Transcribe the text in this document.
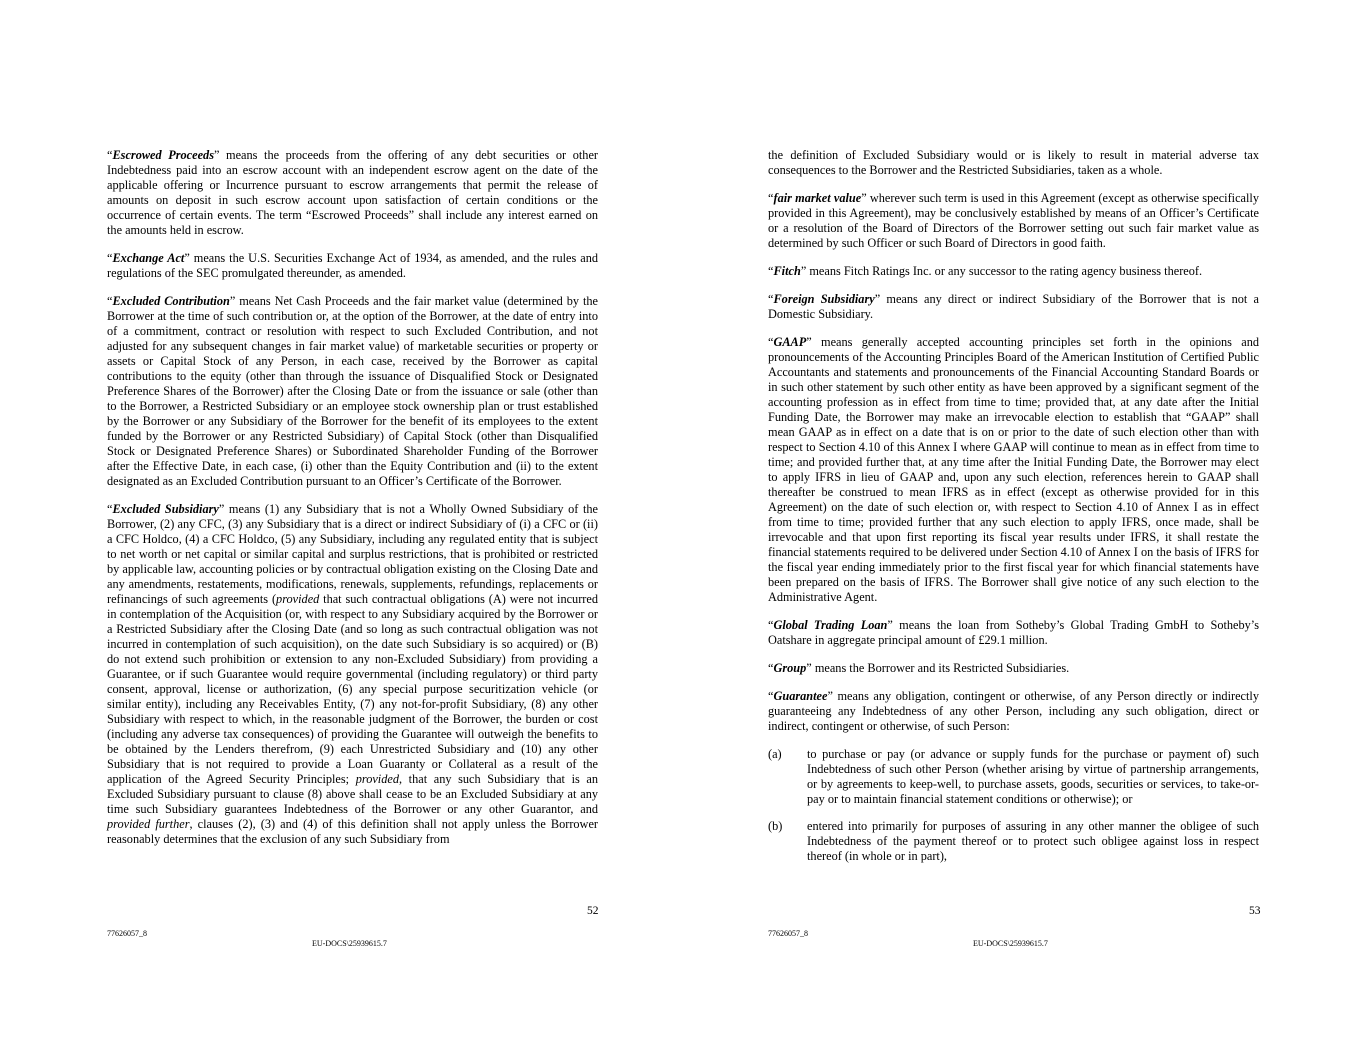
“Escrowed Proceeds” means the proceeds from the offering of any debt securities or other Indebtedness paid into an escrow account with an independent escrow agent on the date of the applicable offering or Incurrence pursuant to escrow arrangements that permit the release of amounts on deposit in such escrow account upon satisfaction of certain conditions or the occurrence of certain events. The term “Escrowed Proceeds” shall include any interest earned on the amounts held in escrow.

“Exchange Act” means the U.S. Securities Exchange Act of 1934, as amended, and the rules and regulations of the SEC promulgated thereunder, as amended.

“Excluded Contribution” means Net Cash Proceeds and the fair market value (determined by the Borrower at the time of such contribution or, at the option of the Borrower, at the date of entry into of a commitment, contract or resolution with respect to such Excluded Contribution, and not adjusted for any subsequent changes in fair market value) of marketable securities or property or assets or Capital Stock of any Person, in each case, received by the Borrower as capital contributions to the equity (other than through the issuance of Disqualified Stock or Designated Preference Shares of the Borrower) after the Closing Date or from the issuance or sale (other than to the Borrower, a Restricted Subsidiary or an employee stock ownership plan or trust established by the Borrower or any Subsidiary of the Borrower for the benefit of its employees to the extent funded by the Borrower or any Restricted Subsidiary) of Capital Stock (other than Disqualified Stock or Designated Preference Shares) or Subordinated Shareholder Funding of the Borrower after the Effective Date, in each case, (i) other than the Equity Contribution and (ii) to the extent designated as an Excluded Contribution pursuant to an Officer’s Certificate of the Borrower.

“Excluded Subsidiary” means (1) any Subsidiary that is not a Wholly Owned Subsidiary of the Borrower, (2) any CFC, (3) any Subsidiary that is a direct or indirect Subsidiary of (i) a CFC or (ii) a CFC Holdco, (4) a CFC Holdco, (5) any Subsidiary, including any regulated entity that is subject to net worth or net capital or similar capital and surplus restrictions, that is prohibited or restricted by applicable law, accounting policies or by contractual obligation existing on the Closing Date and any amendments, restatements, modifications, renewals, supplements, refundings, replacements or refinancings of such agreements (provided that such contractual obligations (A) were not incurred in contemplation of the Acquisition (or, with respect to any Subsidiary acquired by the Borrower or a Restricted Subsidiary after the Closing Date (and so long as such contractual obligation was not incurred in contemplation of such acquisition), on the date such Subsidiary is so acquired) or (B) do not extend such prohibition or extension to any non-Excluded Subsidiary) from providing a Guarantee, or if such Guarantee would require governmental (including regulatory) or third party consent, approval, license or authorization, (6) any special purpose securitization vehicle (or similar entity), including any Receivables Entity, (7) any not-for-profit Subsidiary, (8) any other Subsidiary with respect to which, in the reasonable judgment of the Borrower, the burden or cost (including any adverse tax consequences) of providing the Guarantee will outweigh the benefits to be obtained by the Lenders therefrom, (9) each Unrestricted Subsidiary and (10) any other Subsidiary that is not required to provide a Loan Guaranty or Collateral as a result of the application of the Agreed Security Principles; provided, that any such Subsidiary that is an Excluded Subsidiary pursuant to clause (8) above shall cease to be an Excluded Subsidiary at any time such Subsidiary guarantees Indebtedness of the Borrower or any other Guarantor, and provided further, clauses (2), (3) and (4) of this definition shall not apply unless the Borrower reasonably determines that the exclusion of any such Subsidiary from

52
77626057_8
EU-DOCS\25939615.7

the definition of Excluded Subsidiary would or is likely to result in material adverse tax consequences to the Borrower and the Restricted Subsidiaries, taken as a whole.

“fair market value” wherever such term is used in this Agreement (except as otherwise specifically provided in this Agreement), may be conclusively established by means of an Officer’s Certificate or a resolution of the Board of Directors of the Borrower setting out such fair market value as determined by such Officer or such Board of Directors in good faith.

“Fitch” means Fitch Ratings Inc. or any successor to the rating agency business thereof.

“Foreign Subsidiary” means any direct or indirect Subsidiary of the Borrower that is not a Domestic Subsidiary.

“GAAP” means generally accepted accounting principles set forth in the opinions and pronouncements of the Accounting Principles Board of the American Institution of Certified Public Accountants and statements and pronouncements of the Financial Accounting Standard Boards or in such other statement by such other entity as have been approved by a significant segment of the accounting profession as in effect from time to time; provided that, at any date after the Initial Funding Date, the Borrower may make an irrevocable election to establish that “GAAP” shall mean GAAP as in effect on a date that is on or prior to the date of such election other than with respect to Section 4.10 of this Annex I where GAAP will continue to mean as in effect from time to time; and provided further that, at any time after the Initial Funding Date, the Borrower may elect to apply IFRS in lieu of GAAP and, upon any such election, references herein to GAAP shall thereafter be construed to mean IFRS as in effect (except as otherwise provided for in this Agreement) on the date of such election or, with respect to Section 4.10 of Annex I as in effect from time to time; provided further that any such election to apply IFRS, once made, shall be irrevocable and that upon first reporting its fiscal year results under IFRS, it shall restate the financial statements required to be delivered under Section 4.10 of Annex I on the basis of IFRS for the fiscal year ending immediately prior to the first fiscal year for which financial statements have been prepared on the basis of IFRS. The Borrower shall give notice of any such election to the Administrative Agent.

“Global Trading Loan” means the loan from Sotheby’s Global Trading GmbH to Sotheby’s Oatshare in aggregate principal amount of £29.1 million.

“Group” means the Borrower and its Restricted Subsidiaries.

“Guarantee” means any obligation, contingent or otherwise, of any Person directly or indirectly guaranteeing any Indebtedness of any other Person, including any such obligation, direct or indirect, contingent or otherwise, of such Person:

(a)	to purchase or pay (or advance or supply funds for the purchase or payment of) such Indebtedness of such other Person (whether arising by virtue of partnership arrangements, or by agreements to keep-well, to purchase assets, goods, securities or services, to take-or-pay or to maintain financial statement conditions or otherwise); or
(b)	entered into primarily for purposes of assuring in any other manner the obligee of such Indebtedness of the payment thereof or to protect such obligee against loss in respect thereof (in whole or in part),
53
77626057_8
EU-DOCS\25939615.7
